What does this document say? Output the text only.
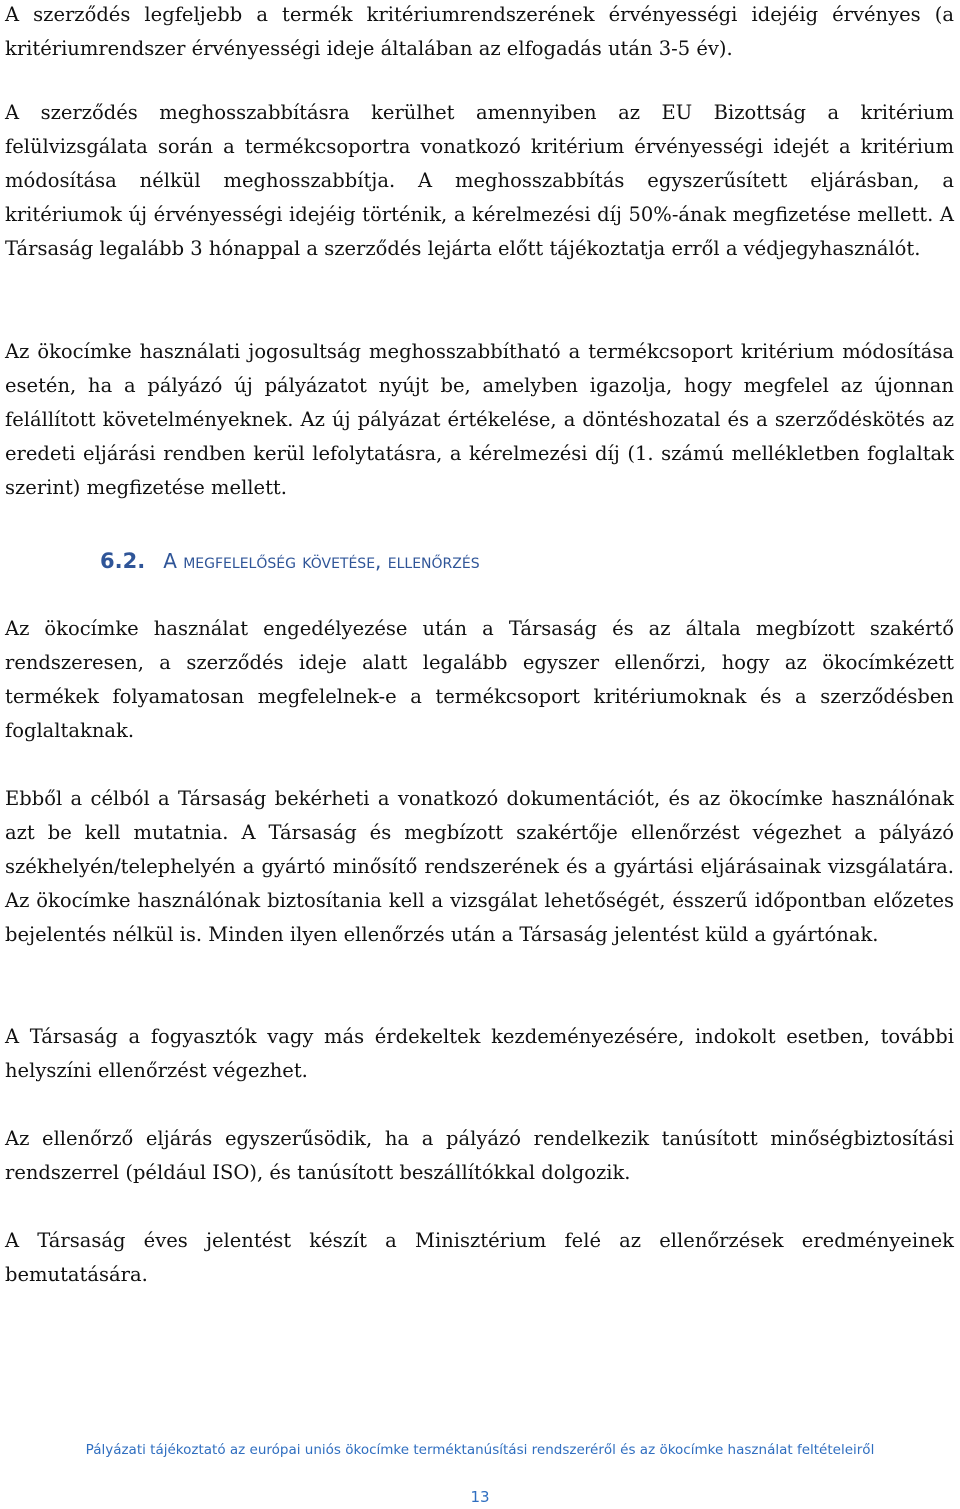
A szerződés legfeljebb a termék kritériumrendszerének érvényességi idejéig érvényes (a kritériumrendszer érvényességi ideje általában az elfogadás után 3-5 év).

A szerződés meghosszabbításra kerülhet amennyiben az EU Bizottság a kritérium felülvizsgálata során a termékcsoportra vonatkozó kritérium érvényességi idejét a kritérium módosítása nélkül meghosszabbítja. A meghosszabbítás egyszerűsített eljárásban, a kritériumok új érvényességi idejéig történik, a kérelmezési díj 50%-ának megfizetése mellett. A Társaság legalább 3 hónappal a szerződés lejárta előtt tájékoztatja erről a védjegyhasználót.

Az ökocímke használati jogosultság meghosszabbítható a termékcsoport kritérium módosítása esetén, ha a pályázó új pályázatot nyújt be, amelyben igazolja, hogy megfelel az újonnan felállított követelményeknek. Az új pályázat értékelése, a döntéshozatal és a szerződéskötés az eredeti eljárási rendben kerül lefolytatásra, a kérelmezési díj (1. számú mellékletben foglaltak szerint) megfizetése mellett.

6.2. A megfelelőség követése, ellenőrzés

Az ökocímke használat engedélyezése után a Társaság és az általa megbízott szakértő rendszeresen, a szerződés ideje alatt legalább egyszer ellenőrzi, hogy az ökocímkézett termékek folyamatosan megfelelnek-e a termékcsoport kritériumoknak és a szerződésben foglaltaknak.

Ebből a célból a Társaság bekérheti a vonatkozó dokumentációt, és az ökocímke használónak azt be kell mutatnia. A Társaság és megbízott szakértője ellenőrzést végezhet a pályázó székhelyén/telephelyén a gyártó minősítő rendszerének és a gyártási eljárásainak vizsgálatára. Az ökocímke használónak biztosítania kell a vizsgálat lehetőségét, ésszerű időpontban előzetes bejelentés nélkül is. Minden ilyen ellenőrzés után a Társaság jelentést küld a gyártónak.

A Társaság a fogyasztók vagy más érdekeltek kezdeményezésére, indokolt esetben, további helyszíni ellenőrzést végezhet.

Az ellenőrző eljárás egyszerűsödik, ha a pályázó rendelkezik tanúsított minőségbiztosítási rendszerrel (például ISO), és tanúsított beszállítókkal dolgozik.

A Társaság éves jelentést készít a Minisztérium felé az ellenőrzések eredményeinek bemutatására.

Pályázati tájékoztató az európai uniós ökocímke terméktanúsítási rendszeréről és az ökocímke használat feltételeiről
13
